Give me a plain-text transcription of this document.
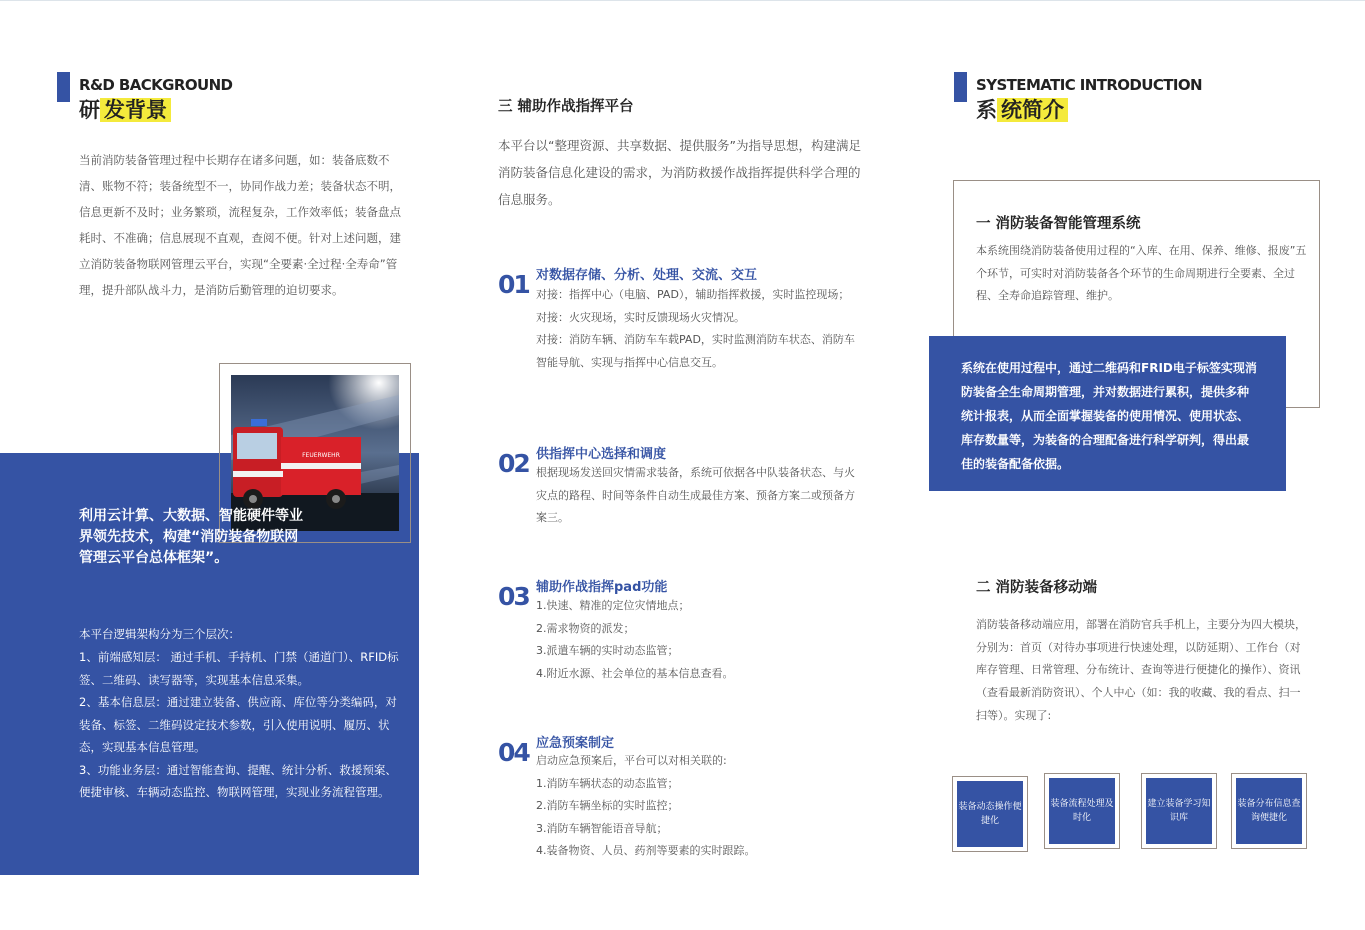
R&D BACKGROUND
研 发背景
当前消防装备管理过程中长期存在诸多问题，如：装备底数不清、账物不符；装备统型不一，协同作战力差；装备状态不明，信息更新不及时；业务繁琐，流程复杂，工作效率低；装备盘点耗时、不准确；信息展现不直观，查阅不便。针对上述问题，建立消防装备物联网管理云平台，实现“全要素·全过程·全寿命”管理，提升部队战斗力，是消防后勤管理的迫切要求。
FEUERWEHR
利用云计算、大数据、智能硬件等业界领先技术，构建“消防装备物联网管理云平台总体框架”。
本平台逻辑架构分为三个层次：
1、前端感知层： 通过手机、手持机、门禁（通道门）、RFID标签、二维码、读写器等，实现基本信息采集。
2、基本信息层：通过建立装备、供应商、库位等分类编码，对装备、标签、二维码设定技术参数，引入使用说明、履历、状态，实现基本信息管理。
3、功能业务层：通过智能查询、提醒、统计分析、救援预案、便捷审核、车辆动态监控、物联网管理，实现业务流程管理。
三 辅助作战指挥平台
本平台以“整理资源、共享数据、提供服务”为指导思想，构建满足消防装备信息化建设的需求，为消防救援作战指挥提供科学合理的信息服务。
01 对数据存储、分析、处理、交流、交互
对接：指挥中心（电脑、PAD），辅助指挥救援，实时监控现场；
对接：火灾现场，实时反馈现场火灾情况。
对接：消防车辆、消防车车载PAD，实时监测消防车状态、消防车智能导航、实现与指挥中心信息交互。
02 供指挥中心选择和调度
根据现场发送回灾情需求装备，系统可依据各中队装备状态、与火灾点的路程、时间等条件自动生成最佳方案、预备方案二或预备方案三。
03 辅助作战指挥pad功能
1.快速、精准的定位灾情地点；
2.需求物资的派发；
3.派遣车辆的实时动态监管；
4.附近水源、社会单位的基本信息查看。
04 应急预案制定
启动应急预案后，平台可以对相关联的:
1.消防车辆状态的动态监管；
2.消防车辆坐标的实时监控；
3.消防车辆智能语音导航；
4.装备物资、人员、药剂等要素的实时跟踪。
SYSTEMATIC INTRODUCTION
系 统简介
一 消防装备智能管理系统
本系统围绕消防装备使用过程的“入库、在用、保养、维修、报废”五个环节，可实时对消防装备各个环节的生命周期进行全要素、全过程、全寿命追踪管理、维护。
系统在使用过程中，通过二维码和FRID电子标签实现消防装备全生命周期管理，并对数据进行累积，提供多种统计报表，从而全面掌握装备的使用情况、使用状态、库存数量等，为装备的合理配备进行科学研判，得出最佳的装备配备依据。
二 消防装备移动端
消防装备移动端应用，部署在消防官兵手机上，主要分为四大模块，分别为：首页（对待办事项进行快速处理，以防延期）、工作台（对库存管理、日常管理、分布统计、查询等进行便捷化的操作）、资讯（查看最新消防资讯）、个人中心（如：我的收藏、我的看点、扫一扫等）。实现了:
装备动态操作便捷化
装备流程处理及时化
建立装备学习知识库
装备分布信息查询便捷化
